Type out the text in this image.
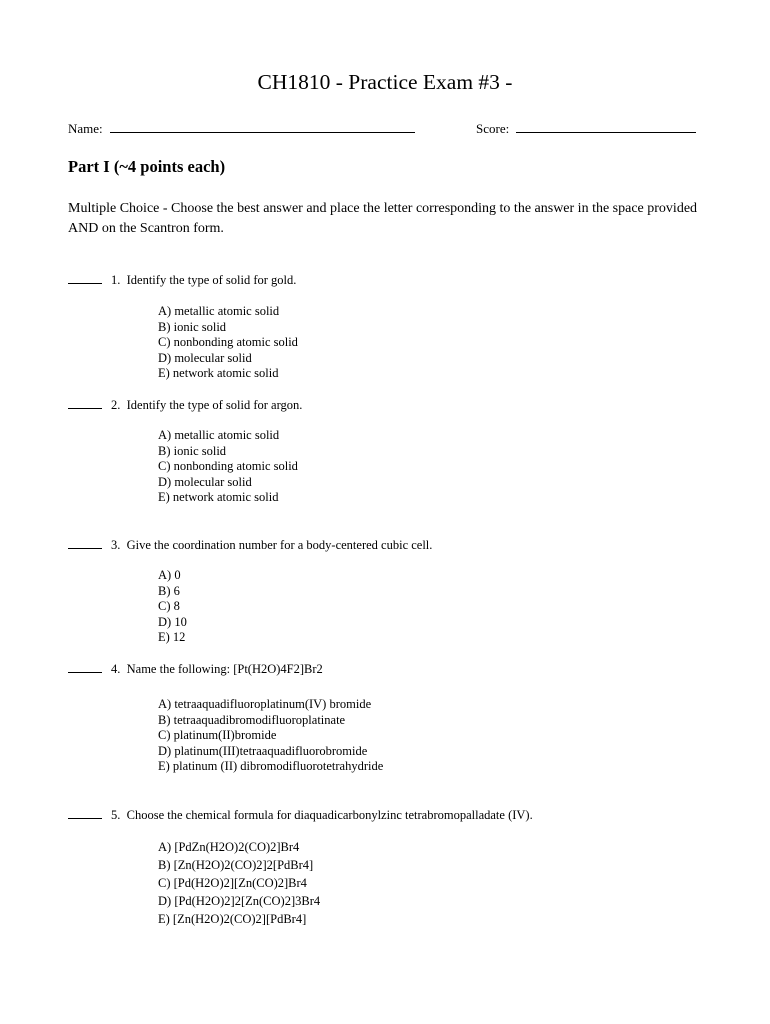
CH1810 - Practice Exam #3 -
Name:	Score:
Part I (~4 points each)
Multiple Choice - Choose the best answer and place the letter corresponding to the answer in the space provided AND on the Scantron form.
1. Identify the type of solid for gold.
A) metallic atomic solid
B) ionic solid
C) nonbonding atomic solid
D) molecular solid
E) network atomic solid
2. Identify the type of solid for argon.
A) metallic atomic solid
B) ionic solid
C) nonbonding atomic solid
D) molecular solid
E) network atomic solid
3. Give the coordination number for a body-centered cubic cell.
A) 0
B) 6
C) 8
D) 10
E) 12
4. Name the following: [Pt(H2O)4F2]Br2
A) tetraaquadifluoroplatinum(IV) bromide
B) tetraaquadibromodifluoroplatinate
C) platinum(II)bromide
D) platinum(III)tetraaquadifluorobromide
E) platinum (II) dibromodifluorotetrahydride
5. Choose the chemical formula for diaquadicarbonylzinc tetrabromopalladate (IV).
A) [PdZn(H2O)2(CO)2]Br4
B) [Zn(H2O)2(CO)2]2[PdBr4]
C) [Pd(H2O)2][Zn(CO)2]Br4
D) [Pd(H2O)2]2[Zn(CO)2]3Br4
E) [Zn(H2O)2(CO)2][PdBr4]
